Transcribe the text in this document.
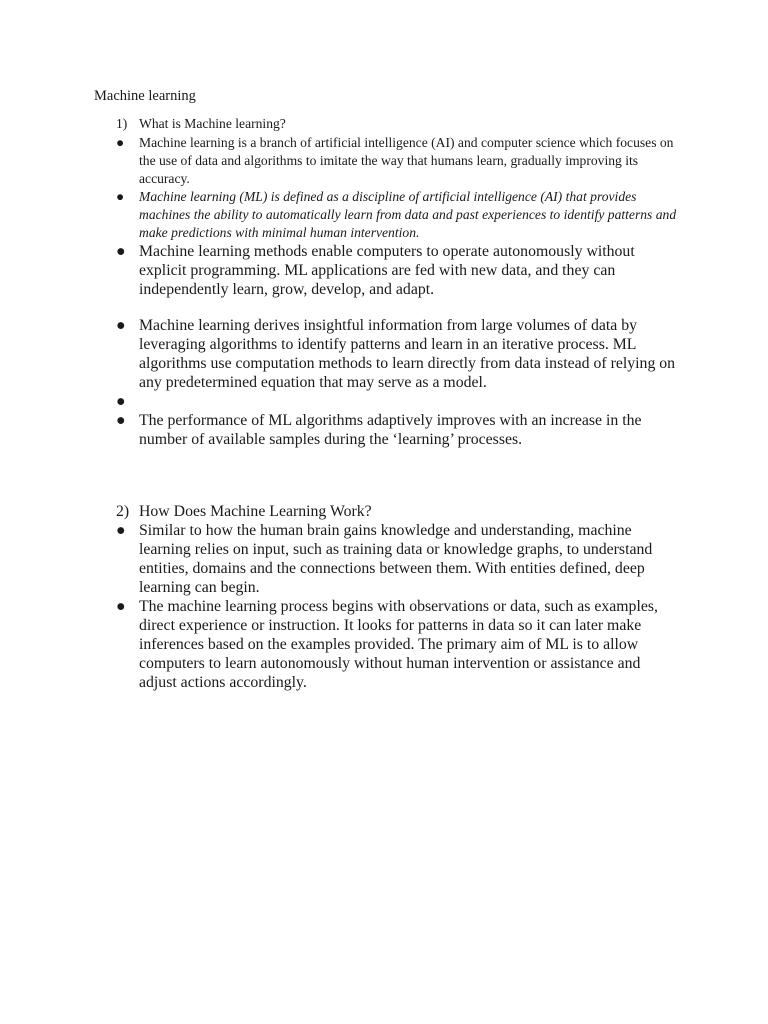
Machine learning
1) What is Machine learning?
●	Machine learning is a branch of artificial intelligence (AI) and computer science which focuses on the use of data and algorithms to imitate the way that humans learn, gradually improving its accuracy.
●	Machine learning (ML) is defined as a discipline of artificial intelligence (AI) that provides machines the ability to automatically learn from data and past experiences to identify patterns and make predictions with minimal human intervention.
● Machine learning methods enable computers to operate autonomously without explicit programming. ML applications are fed with new data, and they can independently learn, grow, develop, and adapt.
● Machine learning derives insightful information from large volumes of data by leveraging algorithms to identify patterns and learn in an iterative process. ML algorithms use computation methods to learn directly from data instead of relying on any predetermined equation that may serve as a model.
●
● The performance of ML algorithms adaptively improves with an increase in the number of available samples during the ‘learning’ processes.
2) How Does Machine Learning Work?
● Similar to how the human brain gains knowledge and understanding, machine learning relies on input, such as training data or knowledge graphs, to understand entities, domains and the connections between them. With entities defined, deep learning can begin.
● The machine learning process begins with observations or data, such as examples, direct experience or instruction. It looks for patterns in data so it can later make inferences based on the examples provided. The primary aim of ML is to allow computers to learn autonomously without human intervention or assistance and adjust actions accordingly.
